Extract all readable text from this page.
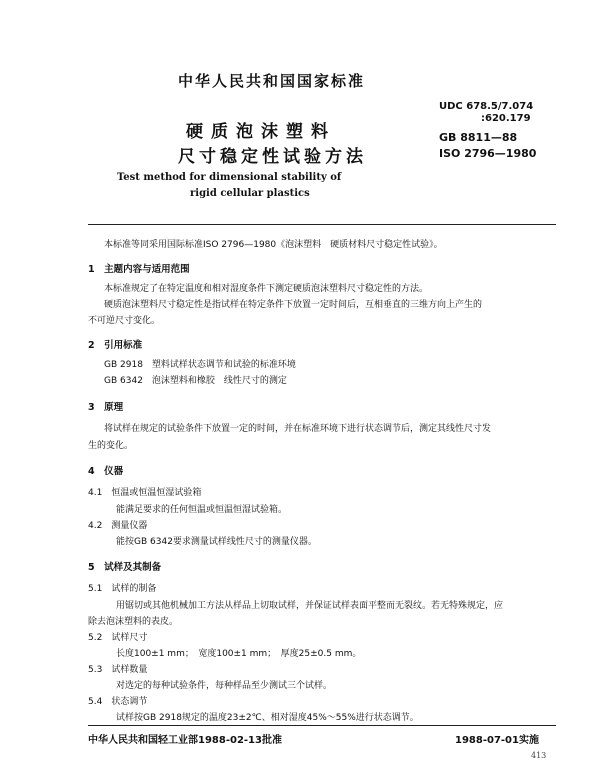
中华人民共和国国家标准
硬质泡沫塑料
尺寸稳定性试验方法
Test method for dimensional stability of
rigid cellular plastics
UDC 678.5/7.074
:620.179
GB 8811—88
ISO 2796—1980
本标准等同采用国际标准ISO 2796—1980《泡沫塑料　硬质材料尺寸稳定性试验》。
1　主题内容与适用范围
本标准规定了在特定温度和相对湿度条件下测定硬质泡沫塑料尺寸稳定性的方法。
硬质泡沫塑料尺寸稳定性是指试样在特定条件下放置一定时间后，互相垂直的三维方向上产生的
不可逆尺寸变化。
2　引用标准
GB 2918　塑料试样状态调节和试验的标准环境
GB 6342　泡沫塑料和橡胶　线性尺寸的测定
3　原理
将试样在规定的试验条件下放置一定的时间，并在标准环境下进行状态调节后，测定其线性尺寸发
生的变化。
4　仪器
4.1　恒温或恒温恒湿试验箱
能满足要求的任何恒温或恒温恒湿试验箱。
4.2　测量仪器
能按GB 6342要求测量试样线性尺寸的测量仪器。
5　试样及其制备
5.1　试样的制备
用锯切或其他机械加工方法从样品上切取试样，并保证试样表面平整而无裂纹。若无特殊规定，应
除去泡沫塑料的表皮。
5.2　试样尺寸
长度100±1 mm；　宽度100±1 mm；　厚度25±0.5 mm。
5.3　试样数量
对选定的每种试验条件，每种样品至少测试三个试样。
5.4　状态调节
试样按GB 2918规定的温度23±2℃、相对湿度45%～55%进行状态调节。
中华人民共和国轻工业部1988-02-13批准	1988-07-01实施
413
